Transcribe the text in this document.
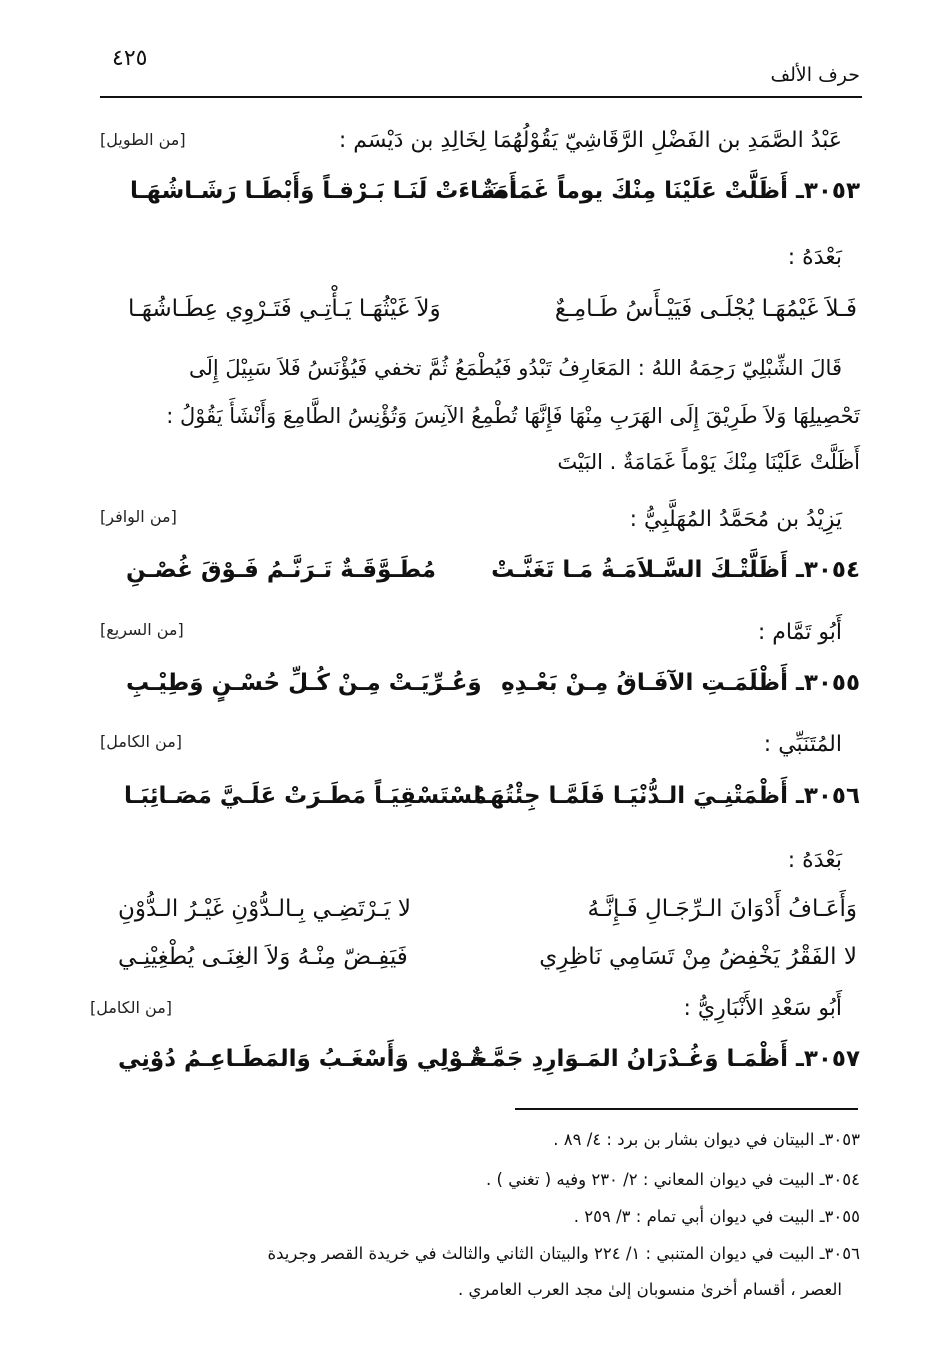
حرف الألف
٤٢٥
عَبْدُ الصَّمَدِ بن الفَضْلِ الرَّقَاشِيّ يَقُوْلُهُمَا لِخَالِدِ بن دَيْسَم :
[من الطويل]
٣٠٥٣ـ أَظَلَّتْ عَلَيْنَا مِنْكَ يوماً غَمَامَةٌ
أَضَـاءَتْ لَنَـا بَـرْقـاً وَأَبْطَـا رَشَـاشُهَـا
بَعْدَهُ :
فَـلاَ غَيْمُهَـا يُجْلَـى فَيَيْـأَسُ طَـامِـعٌ
وَلاَ غَيْثُهَـا يَـأْتِـي فَتَـرْوِي عِطَـاشُهَـا
قَالَ الشِّبْلِيّ رَحِمَهُ اللهُ : المَعَارِفُ تَبْدُو فَيُطْمَعُ ثُمَّ تخفي فَيُؤْنَسُ فَلاَ سَبِيْلَ إِلَى
تَحْصِيلِهَا وَلاَ طَرِيْقَ إِلَى الهَرَبِ مِنْهَا فَإِنَّهَا تُطْمِعُ الآنِسَ وَتُؤْنِسُ الطَّامِعَ وَأَنْشَأَ يَقُوْلُ :
أَظَلَّتْ عَلَيْنَا مِنْكَ يَوْماً غَمَامَةٌ . البَيْتَ
يَزِيْدُ بن مُحَمَّدُ المُهَلَّبِيُّ :
[من الوافر]
٣٠٥٤ـ أَظَلَّتْـكَ السَّـلاَمَـةُ مَـا تَغَنَّـتْ
مُطَـوَّقَـةٌ تَـرَنَّـمُ فَـوْقَ غُصْـنِ
أَبُو تَمَّام :
[من السريع]
٣٠٥٥ـ أَظْلَمَـتِ الآفَـاقُ مِـنْ بَعْـدِهِ
وَعُـرِّيَـتْ مِـنْ كُـلِّ حُسْـنٍ وَطِيْـبِ
المُتَنَبِّي :
[من الكامل]
٣٠٥٦ـ أَظْمَتْنِـيَ الـدُّنْيَـا فَلَمَّـا جِئْتُهَـا
مُسْتَسْقِيَـاً مَطَـرَتْ عَلَـيَّ مَصَـائِبَـا
بَعْدَهُ :
وَأَعَـافُ أَدْوَانَ الـرِّجَـالِ فَـإِنَّـهُ
لا يَـرْتَضِـي بِـالـدُّوْنِ غَيْـرُ الـدُّوْنِ
لا الفَقْرُ يَخْفِضُ مِنْ تَسَامِي نَاظِرِي
فَيَفِـضّ مِنْـهُ وَلاَ الغِنَـى يُطْغِيْنِـي
أَبُو سَعْدِ الأَنْبَارِيُّ :
[من الكامل]
٣٠٥٧ـ أَظْمَـا وَغُـدْرَانُ المَـوَارِدِ جَمَّـةٌ
حَـوْلِي وَأَسْغَـبُ وَالمَطَـاعِـمُ دُوْنِي
٣٠٥٣ـ البيتان في ديوان بشار بن برد : ٤/ ٨٩ .
٣٠٥٤ـ البيت في ديوان المعاني : ٢/ ٢٣٠ وفيه ( تغني ) .
٣٠٥٥ـ البيت في ديوان أبي تمام : ٣/ ٢٥٩ .
٣٠٥٦ـ البيت في ديوان المتنبي : ١/ ٢٢٤ والبيتان الثاني والثالث في خريدة القصر وجريدة
العصر ، أقسام أخرىٰ منسوبان إلىٰ مجد العرب العامري .
